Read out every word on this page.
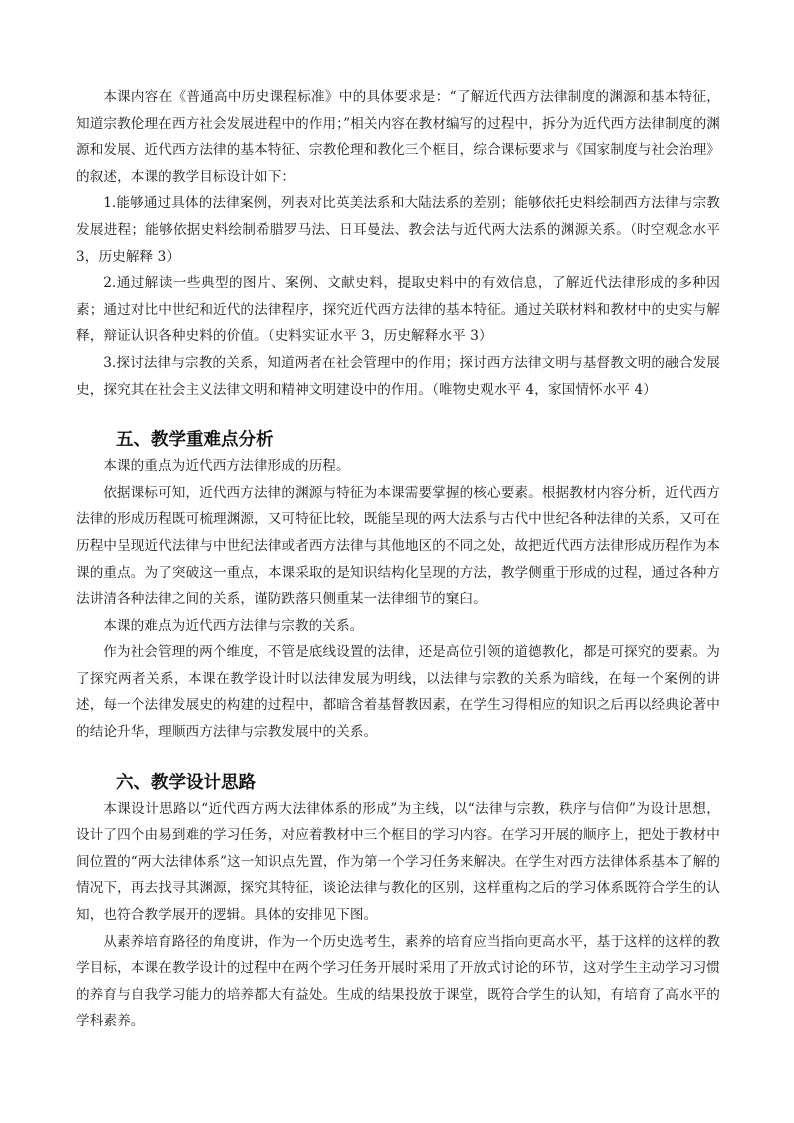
本课内容在《普通高中历史课程标准》中的具体要求是：“了解近代西方法律制度的渊源和基本特征，知道宗教伦理在西方社会发展进程中的作用；”相关内容在教材编写的过程中，拆分为近代西方法律制度的渊源和发展、近代西方法律的基本特征、宗教伦理和教化三个框目，综合课标要求与《国家制度与社会治理》的叙述，本课的教学目标设计如下：

1.能够通过具体的法律案例，列表对比英美法系和大陆法系的差别；能够依托史料绘制西方法律与宗教发展进程；能够依据史料绘制希腊罗马法、日耳曼法、教会法与近代两大法系的渊源关系。（时空观念水平 3，历史解释 3）

2.通过解读一些典型的图片、案例、文献史料，提取史料中的有效信息，了解近代法律形成的多种因素；通过对比中世纪和近代的法律程序，探究近代西方法律的基本特征。通过关联材料和教材中的史实与解释，辩证认识各种史料的价值。（史料实证水平 3，历史解释水平 3）

3.探讨法律与宗教的关系，知道两者在社会管理中的作用；探讨西方法律文明与基督教文明的融合发展史，探究其在社会主义法律文明和精神文明建设中的作用。（唯物史观水平 4，家国情怀水平 4）

五、教学重难点分析

本课的重点为近代西方法律形成的历程。

依据课标可知，近代西方法律的渊源与特征为本课需要掌握的核心要素。根据教材内容分析，近代西方法律的形成历程既可梳理渊源，又可特征比较，既能呈现的两大法系与古代中世纪各种法律的关系，又可在历程中呈现近代法律与中世纪法律或者西方法律与其他地区的不同之处，故把近代西方法律形成历程作为本课的重点。为了突破这一重点，本课采取的是知识结构化呈现的方法，教学侧重于形成的过程，通过各种方法讲清各种法律之间的关系，谨防跌落只侧重某一法律细节的窠臼。

本课的难点为近代西方法律与宗教的关系。

作为社会管理的两个维度，不管是底线设置的法律，还是高位引领的道德教化，都是可探究的要素。为了探究两者关系，本课在教学设计时以法律发展为明线，以法律与宗教的关系为暗线，在每一个案例的讲述，每一个法律发展史的构建的过程中，都暗含着基督教因素，在学生习得相应的知识之后再以经典论著中的结论升华，理顺西方法律与宗教发展中的关系。

六、教学设计思路

本课设计思路以“近代西方两大法律体系的形成”为主线，以“法律与宗教，秩序与信仰”为设计思想，设计了四个由易到难的学习任务，对应着教材中三个框目的学习内容。在学习开展的顺序上，把处于教材中间位置的“两大法律体系”这一知识点先置，作为第一个学习任务来解决。在学生对西方法律体系基本了解的情况下，再去找寻其渊源，探究其特征，谈论法律与教化的区别，这样重构之后的学习体系既符合学生的认知，也符合教学展开的逻辑。具体的安排见下图。

从素养培育路径的角度讲，作为一个历史选考生，素养的培育应当指向更高水平，基于这样的这样的教学目标，本课在教学设计的过程中在两个学习任务开展时采用了开放式讨论的环节，这对学生主动学习习惯的养育与自我学习能力的培养都大有益处。生成的结果投放于课堂，既符合学生的认知，有培育了高水平的学科素养。
